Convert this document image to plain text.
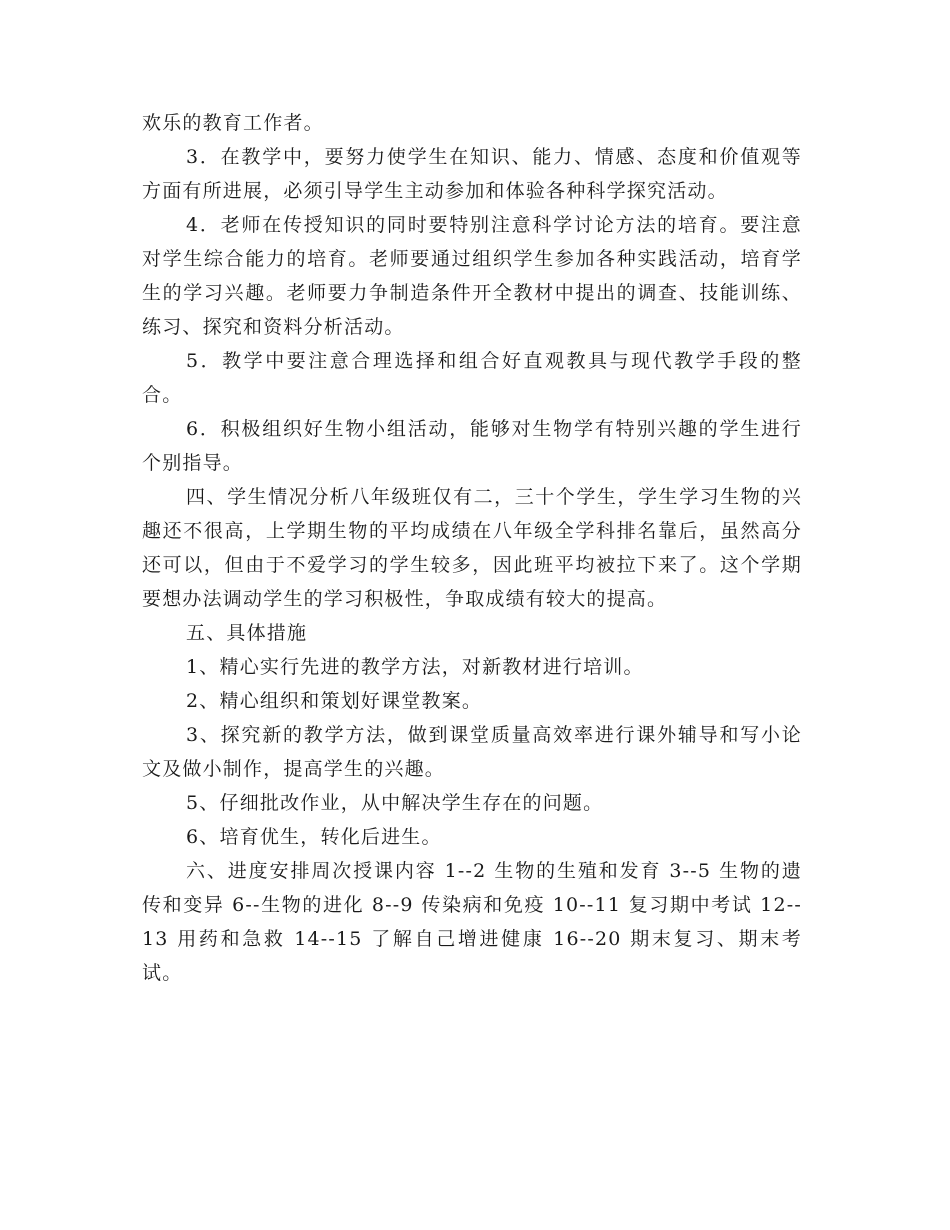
欢乐的教育工作者。

3．在教学中，要努力使学生在知识、能力、情感、态度和价值观等方面有所进展，必须引导学生主动参加和体验各种科学探究活动。

4．老师在传授知识的同时要特别注意科学讨论方法的培育。要注意对学生综合能力的培育。老师要通过组织学生参加各种实践活动，培育学生的学习兴趣。老师要力争制造条件开全教材中提出的调查、技能训练、练习、探究和资料分析活动。

5．教学中要注意合理选择和组合好直观教具与现代教学手段的整合。

6．积极组织好生物小组活动，能够对生物学有特别兴趣的学生进行个别指导。

四、学生情况分析八年级班仅有二，三十个学生，学生学习生物的兴趣还不很高，上学期生物的平均成绩在八年级全学科排名靠后，虽然高分还可以，但由于不爱学习的学生较多，因此班平均被拉下来了。这个学期要想办法调动学生的学习积极性，争取成绩有较大的提高。

五、具体措施

1、精心实行先进的教学方法，对新教材进行培训。

2、精心组织和策划好课堂教案。

3、探究新的教学方法，做到课堂质量高效率进行课外辅导和写小论文及做小制作，提高学生的兴趣。

5、仔细批改作业，从中解决学生存在的问题。

6、培育优生，转化后进生。

六、进度安排周次授课内容 1--2 生物的生殖和发育 3--5 生物的遗传和变异 6--生物的进化 8--9 传染病和免疫 10--11 复习期中考试 12--13 用药和急救 14--15 了解自己增进健康 16--20 期末复习、期末考试。
